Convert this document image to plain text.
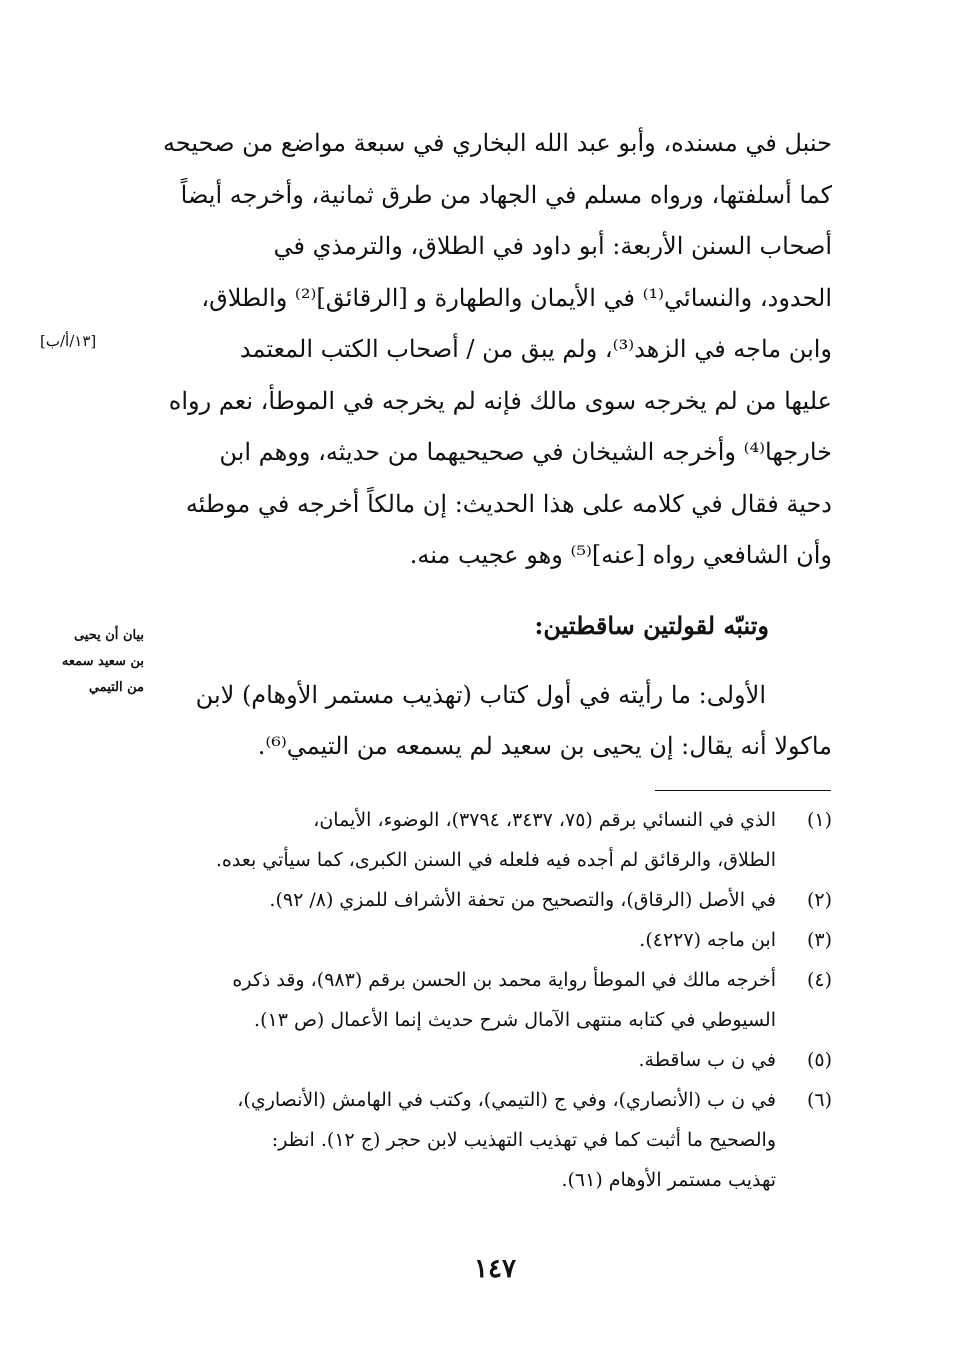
حنبل في مسنده، وأبو عبد الله البخاري في سبعة مواضع من صحيحه
كما أسلفتها، ورواه مسلم في الجهاد من طرق ثمانية، وأخرجه أيضاً
أصحاب السنن الأربعة: أبو داود في الطلاق، والترمذي في
الحدود، والنسائي⁽¹⁾ في الأيمان والطهارة و [الرقائق]⁽²⁾ والطلاق،
وابن ماجه في الزهد⁽³⁾، ولم يبق من / أصحاب الكتب المعتمد
عليها من لم يخرجه سوى مالك فإنه لم يخرجه في الموطأ، نعم رواه
خارجها⁽⁴⁾ وأخرجه الشيخان في صحيحيهما من حديثه، ووهم ابن
دحية فقال في كلامه على هذا الحديث: إن مالكاً أخرجه في موطئه
وأن الشافعي رواه [عنه]⁽⁵⁾ وهو عجيب منه.
[١٣/أ/ب]
وتنبّه لقولتين ساقطتين:
بيان أن يحيى
بن سعيد سمعه
من التيمي	الأولى: ما رأيته في أول كتاب (تهذيب مستمر الأوهام) لابن
ماكولا أنه يقال: إن يحيى بن سعيد لم يسمعه من التيمي⁽⁶⁾.
(١)
الذي في النسائي برقم (٧٥، ٣٤٣٧، ٣٧٩٤)، الوضوء، الأيمان،
الطلاق، والرقائق لم أجده فيه فلعله في السنن الكبرى، كما سيأتي بعده.
(٢)
في الأصل (الرقاق)، والتصحيح من تحفة الأشراف للمزي (٨/ ٩٢).
(٣)
ابن ماجه (٤٢٢٧).
(٤)
أخرجه مالك في الموطأ رواية محمد بن الحسن برقم (٩٨٣)، وقد ذكره
السيوطي في كتابه منتهى الآمال شرح حديث إنما الأعمال (ص ١٣).
(٥)
في ن ب ساقطة.
(٦)
في ن ب (الأنصاري)، وفي ج (التيمي)، وكتب في الهامش (الأنصاري)،
والصحيح ما أثبت كما في تهذيب التهذيب لابن حجر (ج ١٢). انظر:
تهذيب مستمر الأوهام (٦١).
١٤٧
